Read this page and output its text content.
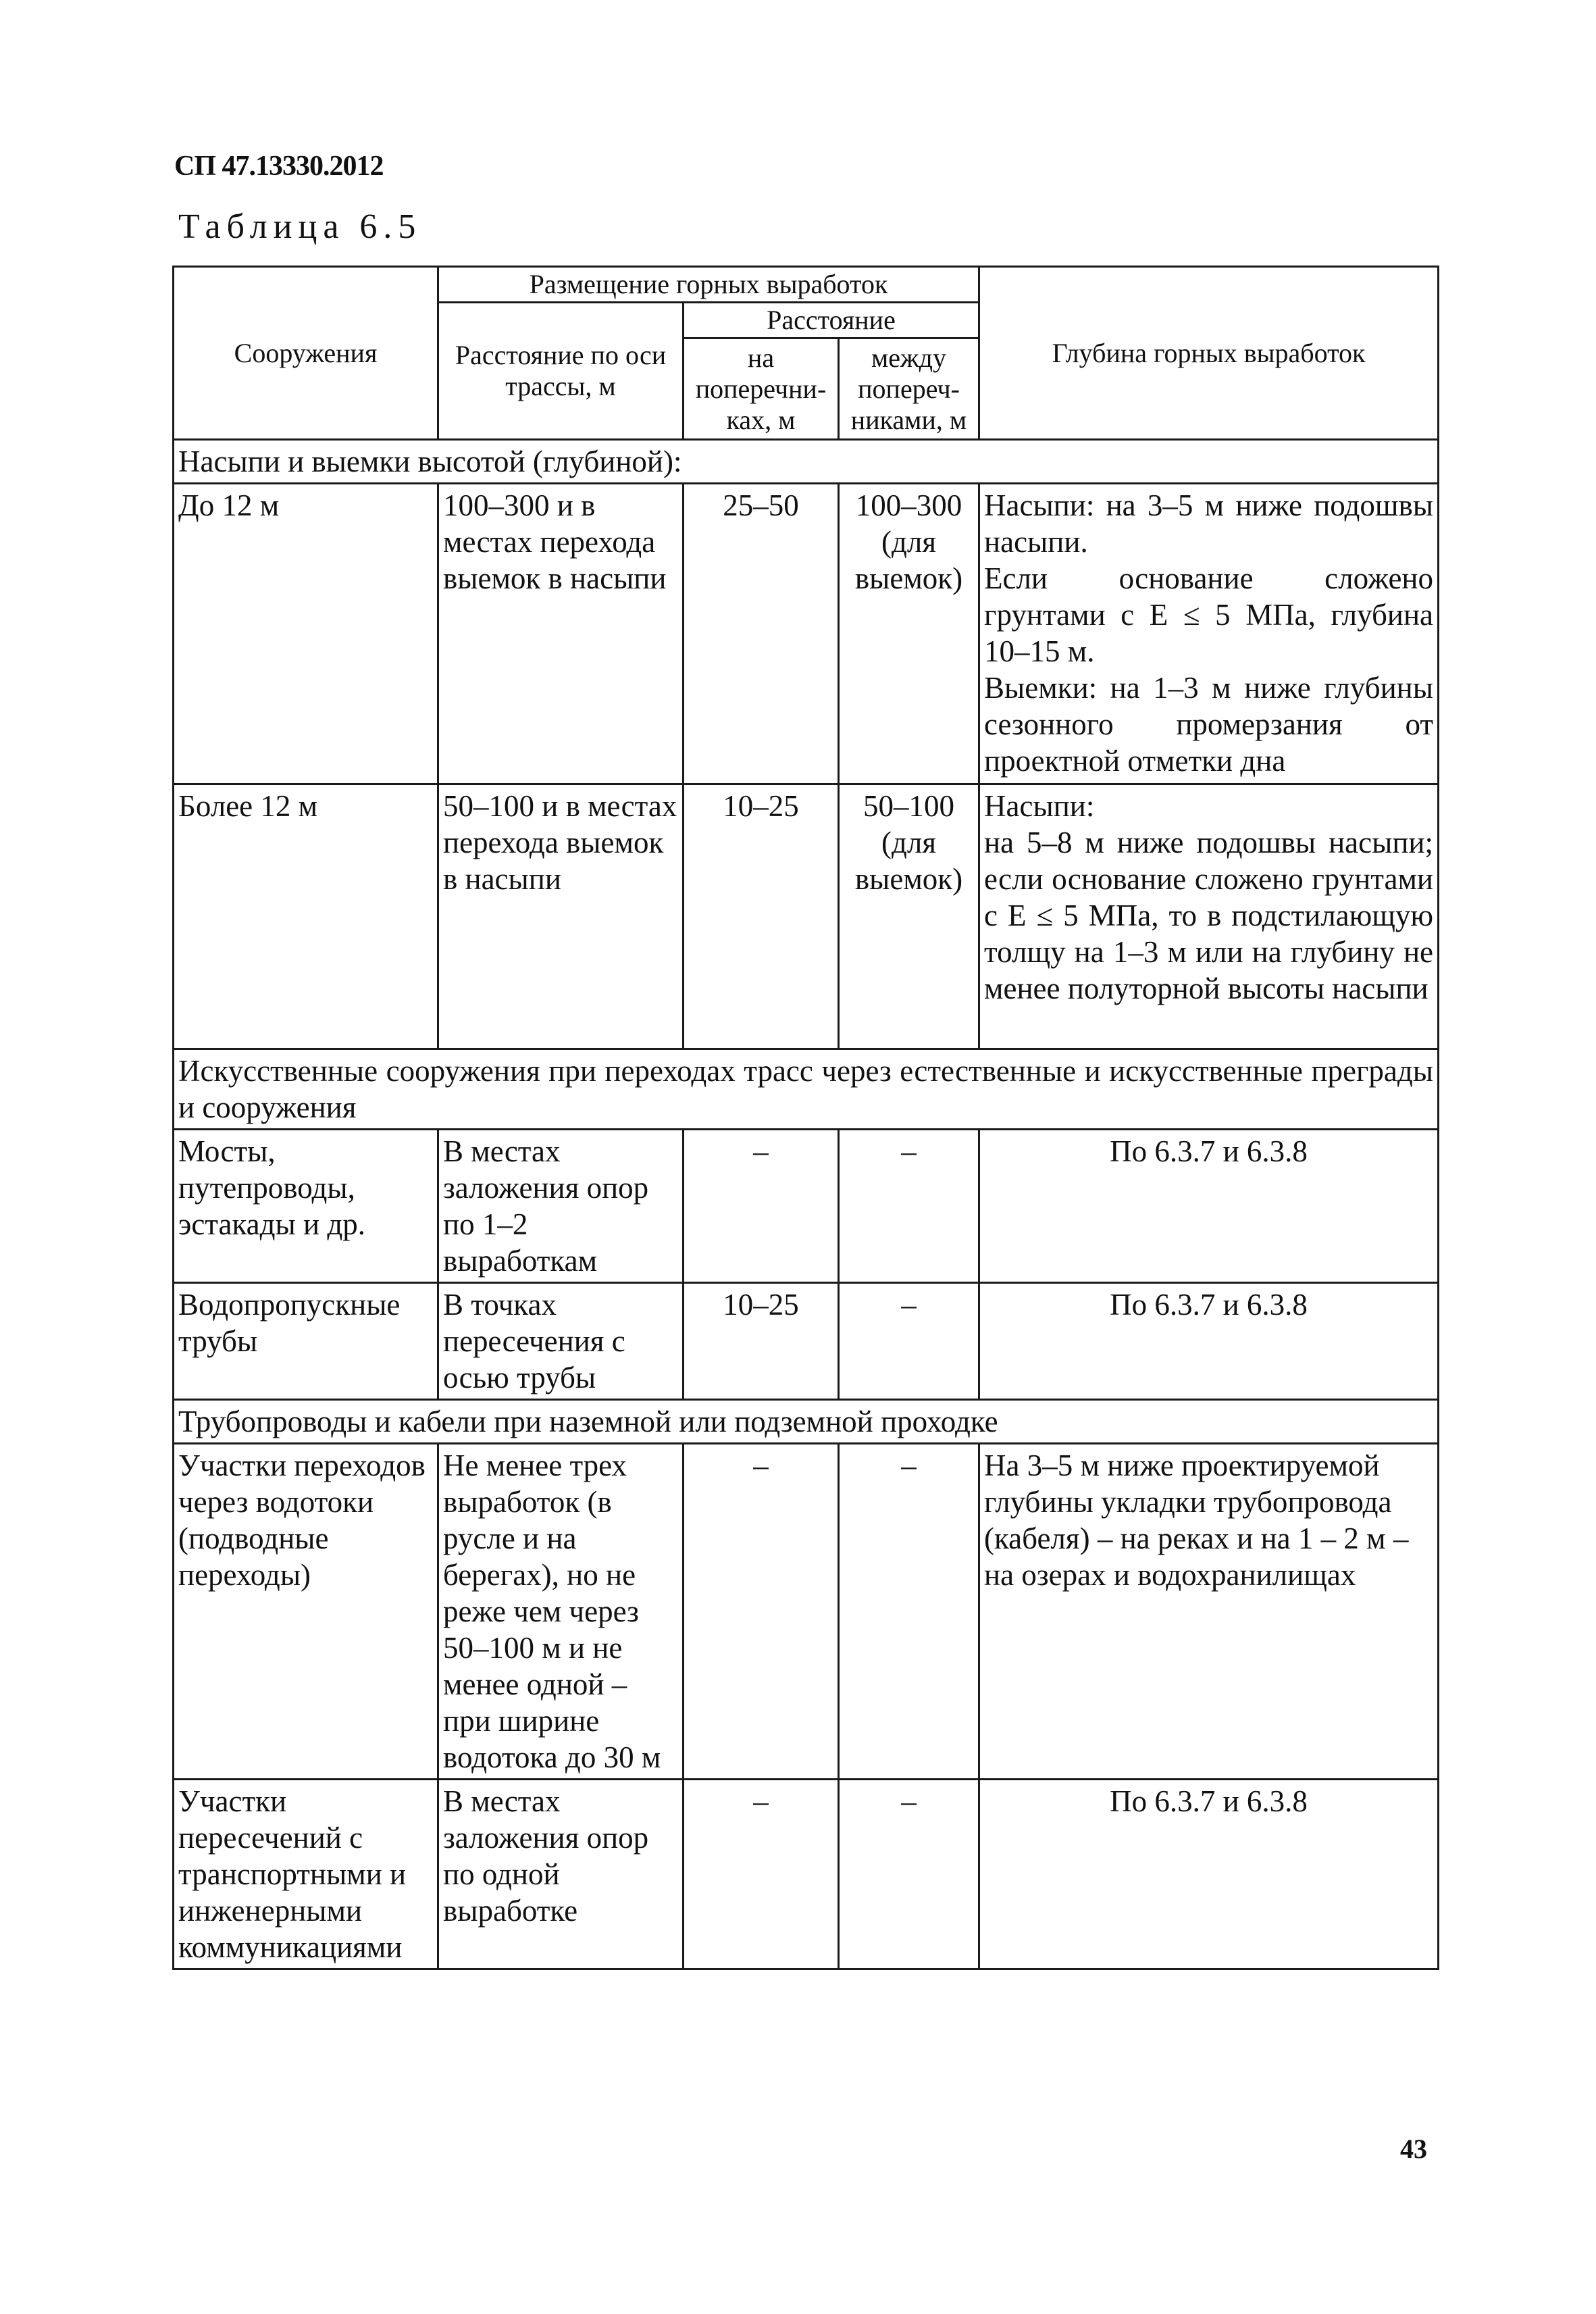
СП 47.13330.2012
Таблица 6.5
Сооружения	Размещение горных выработок			Глубина горных выработок
	Расстояние по оси трассы, м	Расстояние		
		на поперечни-ках, м	между попереч-никами, м	
Насыпи и выемки высотой (глубиной):				
До 12 м	100–300 и в местах перехода выемок в насыпи	25–50	100–300 (для выемок)	Насыпи: на 3–5 м ниже подошвы насыпи.
Если основание сложено грунтами с E ≤ 5 МПа, глубина 10–15 м.
Выемки: на 1–3 м ниже глубины сезонного промерзания от проектной отметки дна

Более 12 м	50–100 и в местах перехода выемок в насыпи	10–25	50–100 (для выемок)	Насыпи:
на 5–8 м ниже подошвы насыпи; если основание сложено грунтами с E ≤ 5 МПа, то в подстилающую толщу на 1–3 м или на глубину не менее полуторной высоты насыпи

Искусственные сооружения при переходах трасс через естественные и искусственные преграды и сооружения				
Мосты, путепроводы, эстакады и др.	В местах заложения опор по 1–2 выработкам	–	–	По 6.3.7 и 6.3.8
Водопропускные трубы	В точках пересечения с осью трубы	10–25	–	По 6.3.7 и 6.3.8
Трубопроводы и кабели при наземной или подземной проходке				
Участки переходов через водотоки (подводные переходы)	Не менее трех выработок (в русле и на берегах), но не реже чем через 50–100 м и не менее одной – при ширине водотока до 30 м	–	–	На 3–5 м ниже проектируемой глубины укладки трубопровода (кабеля) – на реках и на 1 – 2 м – на озерах и водохранилищах
Участки пересечений с транспортными и инженерными коммуникациями	В местах заложения опор по одной выработке	–	–	По 6.3.7 и 6.3.8
43
